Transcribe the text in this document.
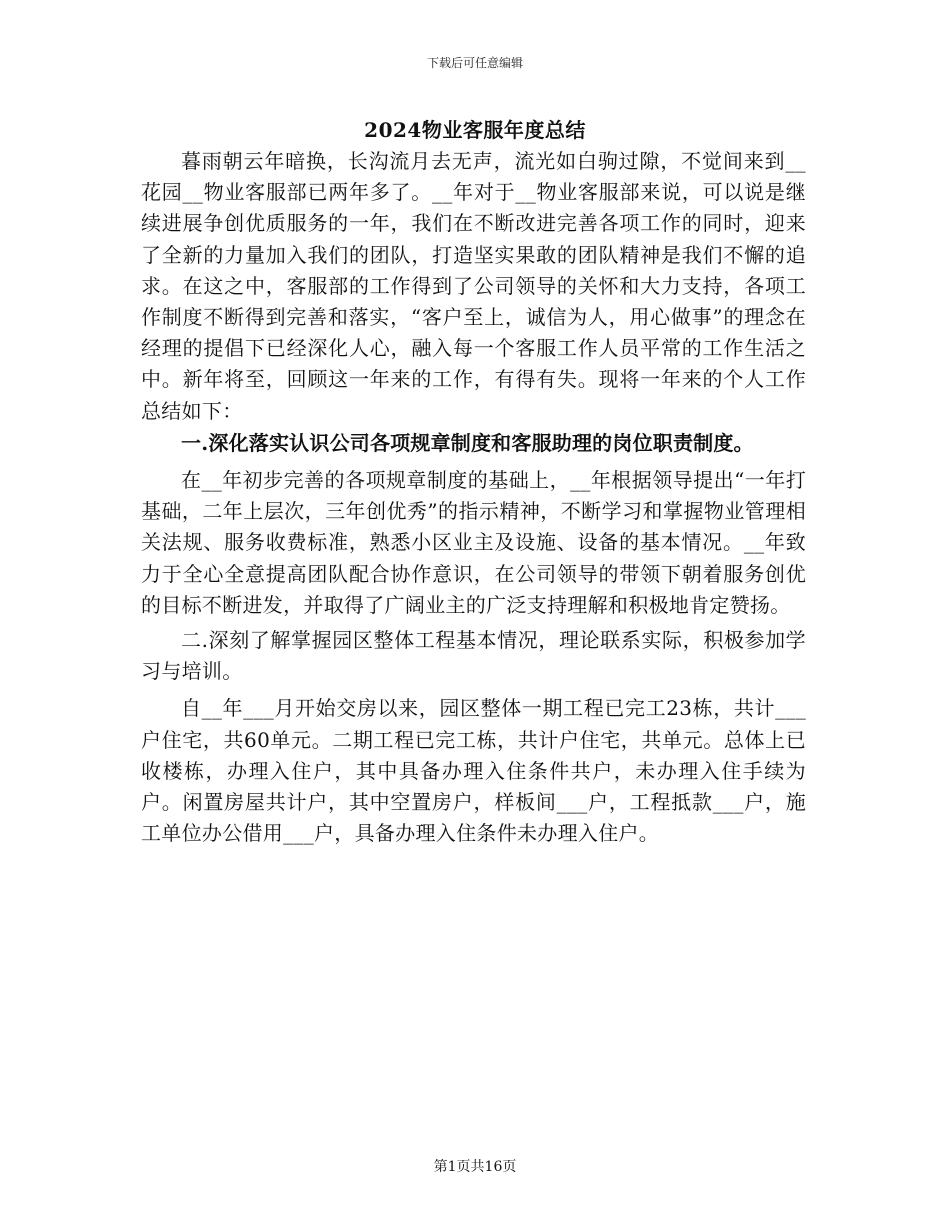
下载后可任意编辑
2024物业客服年度总结

暮雨朝云年暗换，长沟流月去无声，流光如白驹过隙，不觉间来到__花园__物业客服部已两年多了。__年对于__物业客服部来说，可以说是继续进展争创优质服务的一年，我们在不断改进完善各项工作的同时，迎来了全新的力量加入我们的团队，打造坚实果敢的团队精神是我们不懈的追求。在这之中，客服部的工作得到了公司领导的关怀和大力支持，各项工作制度不断得到完善和落实，“客户至上，诚信为人，用心做事”的理念在经理的提倡下已经深化人心，融入每一个客服工作人员平常的工作生活之中。新年将至，回顾这一年来的工作，有得有失。现将一年来的个人工作总结如下：

一.深化落实认识公司各项规章制度和客服助理的岗位职责制度。

在__年初步完善的各项规章制度的基础上，__年根据领导提出“一年打基础，二年上层次，三年创优秀”的指示精神，不断学习和掌握物业管理相关法规、服务收费标准，熟悉小区业主及设施、设备的基本情况。__年致力于全心全意提高团队配合协作意识，在公司领导的带领下朝着服务创优的目标不断进发，并取得了广阔业主的广泛支持理解和积极地肯定赞扬。

二.深刻了解掌握园区整体工程基本情况，理论联系实际，积极参加学习与培训。

自__年___月开始交房以来，园区整体一期工程已完工23栋，共计___户住宅，共60单元。二期工程已完工栋，共计户住宅，共单元。总体上已收楼栋，办理入住户，其中具备办理入住条件共户，未办理入住手续为户。闲置房屋共计户，其中空置房户，样板间___户，工程抵款___户，施工单位办公借用___户，具备办理入住条件未办理入住户。

第1页共16页
